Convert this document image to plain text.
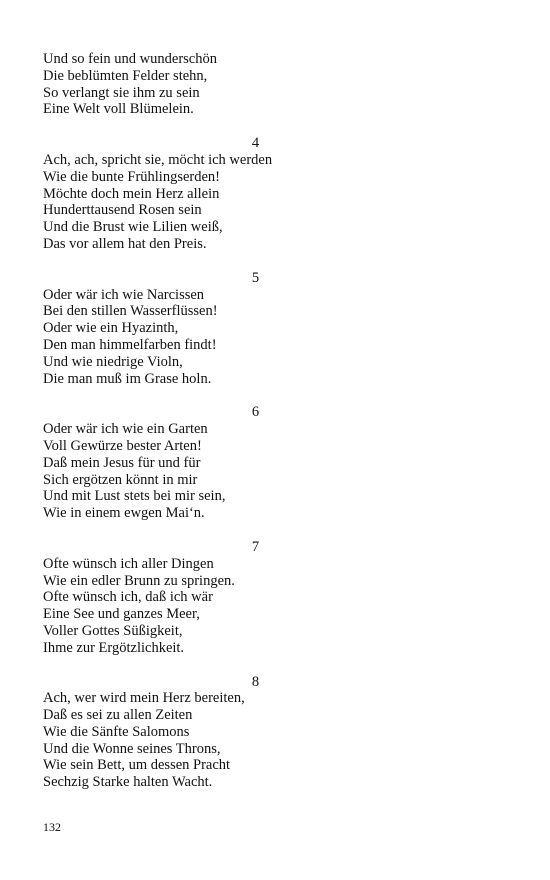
Und so fein und wunderschön
Die beblümten Felder stehn,
So verlangt sie ihm zu sein
Eine Welt voll Blümelein.
4
Ach, ach, spricht sie, möcht ich werden
Wie die bunte Frühlingserden!
Möchte doch mein Herz allein
Hunderttausend Rosen sein
Und die Brust wie Lilien weiß,
Das vor allem hat den Preis.
5
Oder wär ich wie Narcissen
Bei den stillen Wasserflüssen!
Oder wie ein Hyazinth,
Den man himmelfarben findt!
Und wie niedrige Violn,
Die man muß im Grase holn.
6
Oder wär ich wie ein Garten
Voll Gewürze bester Arten!
Daß mein Jesus für und für
Sich ergötzen könnt in mir
Und mit Lust stets bei mir sein,
Wie in einem ewgen Mai‘n.
7
Ofte wünsch ich aller Dingen
Wie ein edler Brunn zu springen.
Ofte wünsch ich, daß ich wär
Eine See und ganzes Meer,
Voller Gottes Süßigkeit,
Ihme zur Ergötzlichkeit.
8
Ach, wer wird mein Herz bereiten,
Daß es sei zu allen Zeiten
Wie die Sänfte Salomons
Und die Wonne seines Throns,
Wie sein Bett, um dessen Pracht
Sechzig Starke halten Wacht.
132
